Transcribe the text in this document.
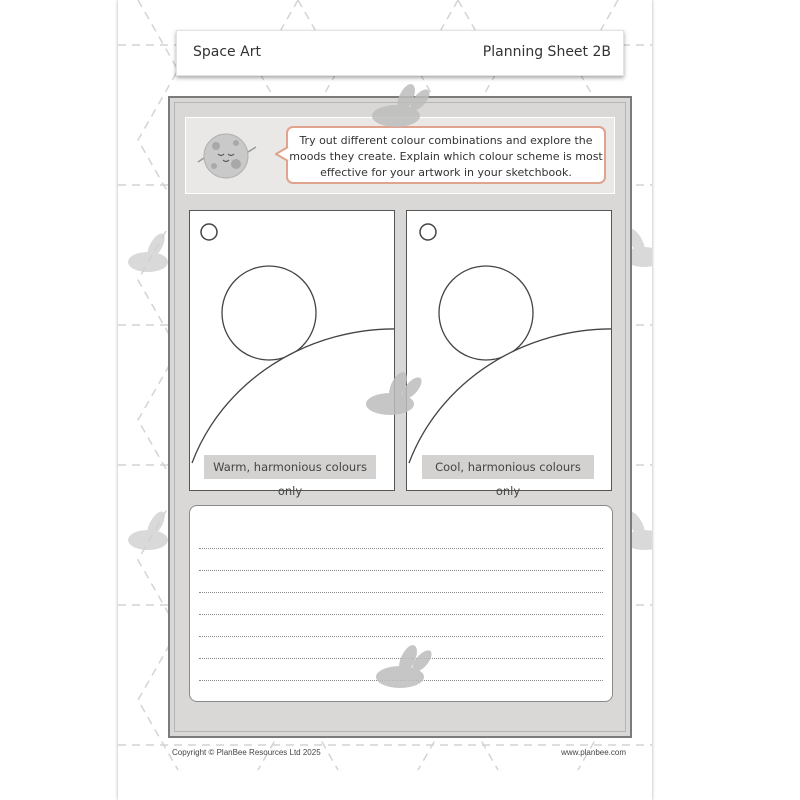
Space Art	Planning Sheet 2B
Try out different colour combinations and explore the
moods they create. Explain which colour scheme is most
effective for your artwork in your sketchbook.
Warm, harmonious colours only
Cool, harmonious colours only
Copyright © PlanBee Resources Ltd 2025	www.planbee.com
